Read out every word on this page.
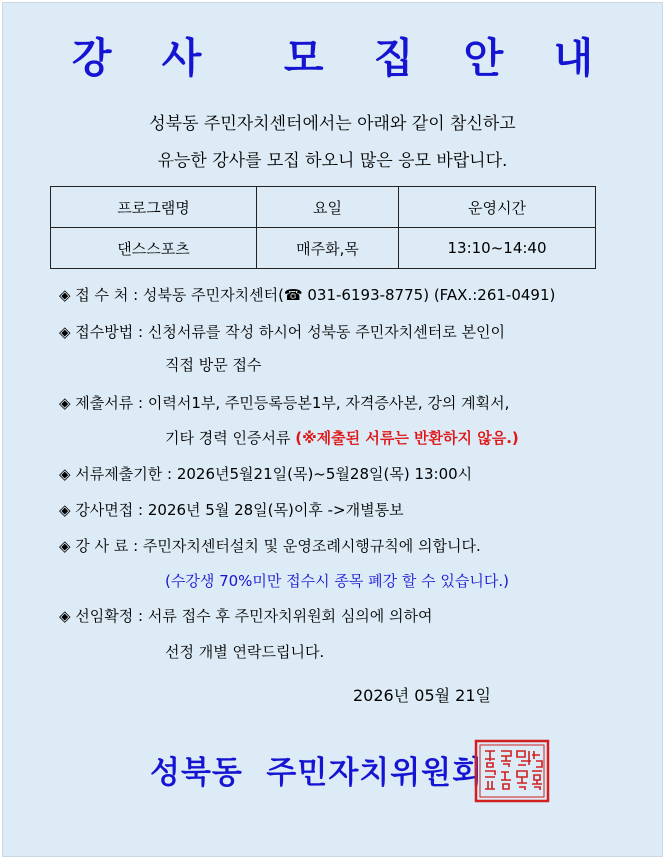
강 사  모 집 안 내
성북동 주민자치센터에서는 아래와 같이 참신하고
유능한 강사를 모집 하오니 많은 응모 바랍니다.
프로그램명	요일	운영시간
댄스스포츠	매주화,목	13:10~14:40
◈ 접 수 처 : 성북동 주민자치센터(☎ 031-6193-8775) (FAX.:261-0491)
◈ 접수방법 : 신청서류를 작성 하시어 성북동 주민자치센터로 본인이
직접 방문 접수
◈ 제출서류 : 이력서1부, 주민등록등본1부, 자격증사본, 강의 계획서,
기타 경력 인증서류 (※제출된 서류는 반환하지 않음.)
◈ 서류제출기한 : 2026년5월21일(목)~5월28일(목) 13:00시
◈ 강사면접 : 2026년 5월 28일(목)이후 ->개별통보
◈ 강 사 료 : 주민자치센터설치 및 운영조례시행규칙에 의합니다.
(수강생 70%미만 접수시 종목 폐강 할 수 있습니다.)
◈ 선임확정 : 서류 접수 후 주민자치위원회 심의에 의하여
선정 개별 연락드립니다.
2026년 05월 21일
성북동  주민자치위원회
